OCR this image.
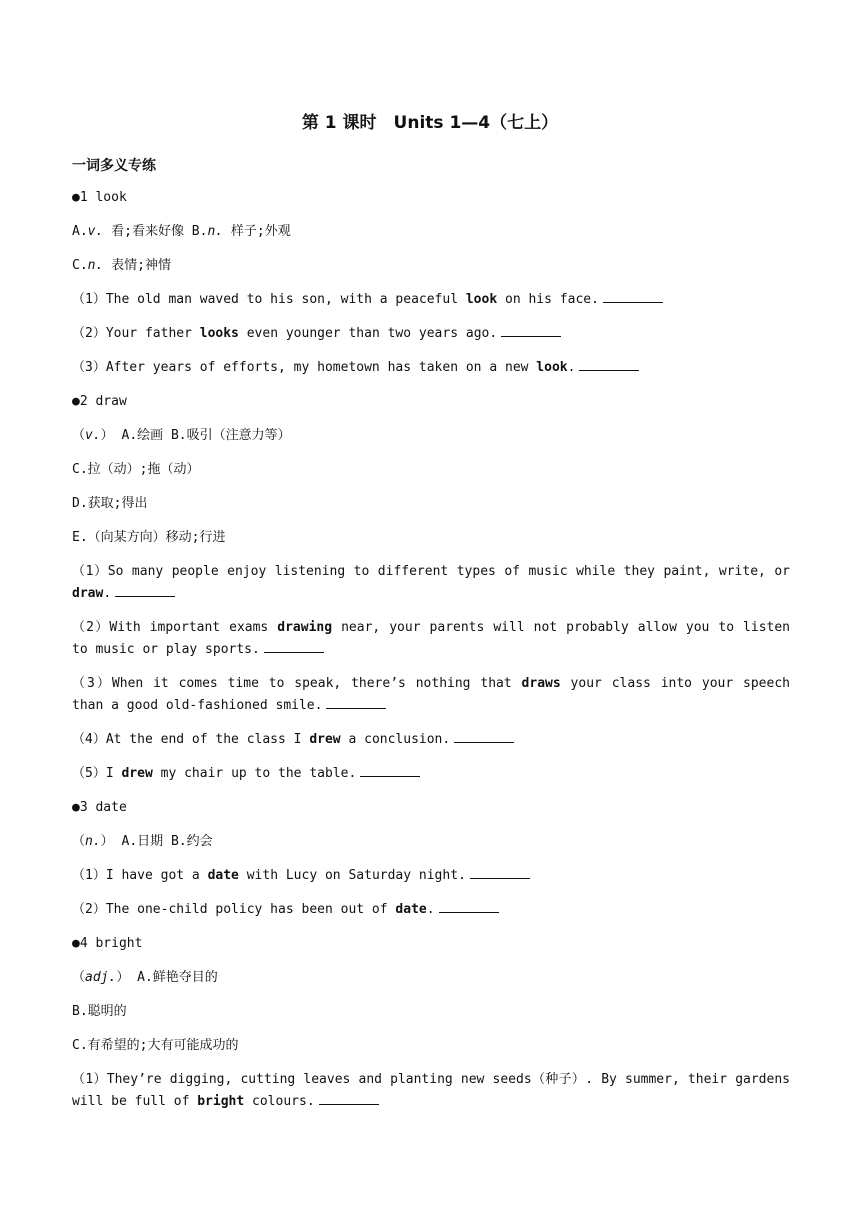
第 1 课时　Units 1—4（七上）
一词多义专练
●1 look
A.v. 看;看来好像 B.n. 样子;外观
C.n. 表情;神情
（1）The old man waved to his son, with a peaceful look on his face.
（2）Your father looks even younger than two years ago.
（3）After years of efforts, my hometown has taken on a new look.
●2 draw
（v.） A.绘画 B.吸引（注意力等）
C.拉（动）;拖（动）
D.获取;得出
E.（向某方向）移动;行进
（1）So many people enjoy listening to different types of music while they paint, write, or draw.
（2）With important exams drawing near, your parents will not probably allow you to listen to music or play sports.
（3）When it comes time to speak, there’s nothing that draws your class into your speech than a good old-fashioned smile.
（4）At the end of the class I drew a conclusion.
（5）I drew my chair up to the table.
●3 date
（n.） A.日期 B.约会
（1）I have got a date with Lucy on Saturday night.
（2）The one-child policy has been out of date.
●4 bright
（adj.） A.鲜艳夺目的
B.聪明的
C.有希望的;大有可能成功的
（1）They’re digging, cutting leaves and planting new seeds（种子）. By summer, their gardens will be full of bright colours.
